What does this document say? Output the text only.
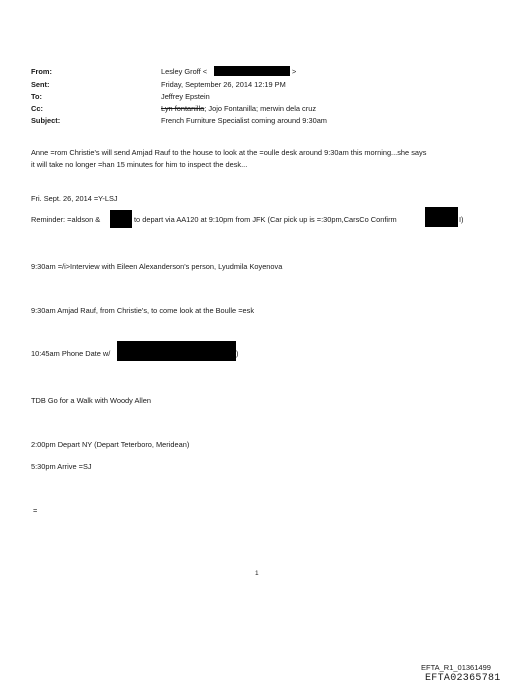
From:	Lesley Groff <	>
Sent:	Friday, September 26, 2014 12:19 PM
To:	Jeffrey Epstein
Cc:	Lyn fontanilla; Jojo Fontanilla; merwin dela cruz
Subject:	French Furniture Specialist coming around 9:30am
Anne =rom Christie's will send Amjad Rauf to the house to look at the =oulle desk around 9:30am this morning...she says
it will take no longer =han 15 minutes for him to inspect the desk...
Fri. Sept. 26, 2014 =Y-LSJ
Reminder: =aldson &	to depart via AA120 at 9:10pm from JFK (Car pick up is =:30pm,CarsCo Confirm	I)
9:30am =/i>Interview with Eileen Alexanderson's person, Lyudmila Koyenova
9:30am Amjad Rauf, from Christie's, to come look at the Boulle =esk
10:45am Phone Date w/	)
TDB Go for a Walk with Woody Allen
2:00pm Depart NY (Depart Teterboro, Meridean)
5:30pm Arrive =SJ
=
1
EFTA_R1_01361499
EFTA02365781
